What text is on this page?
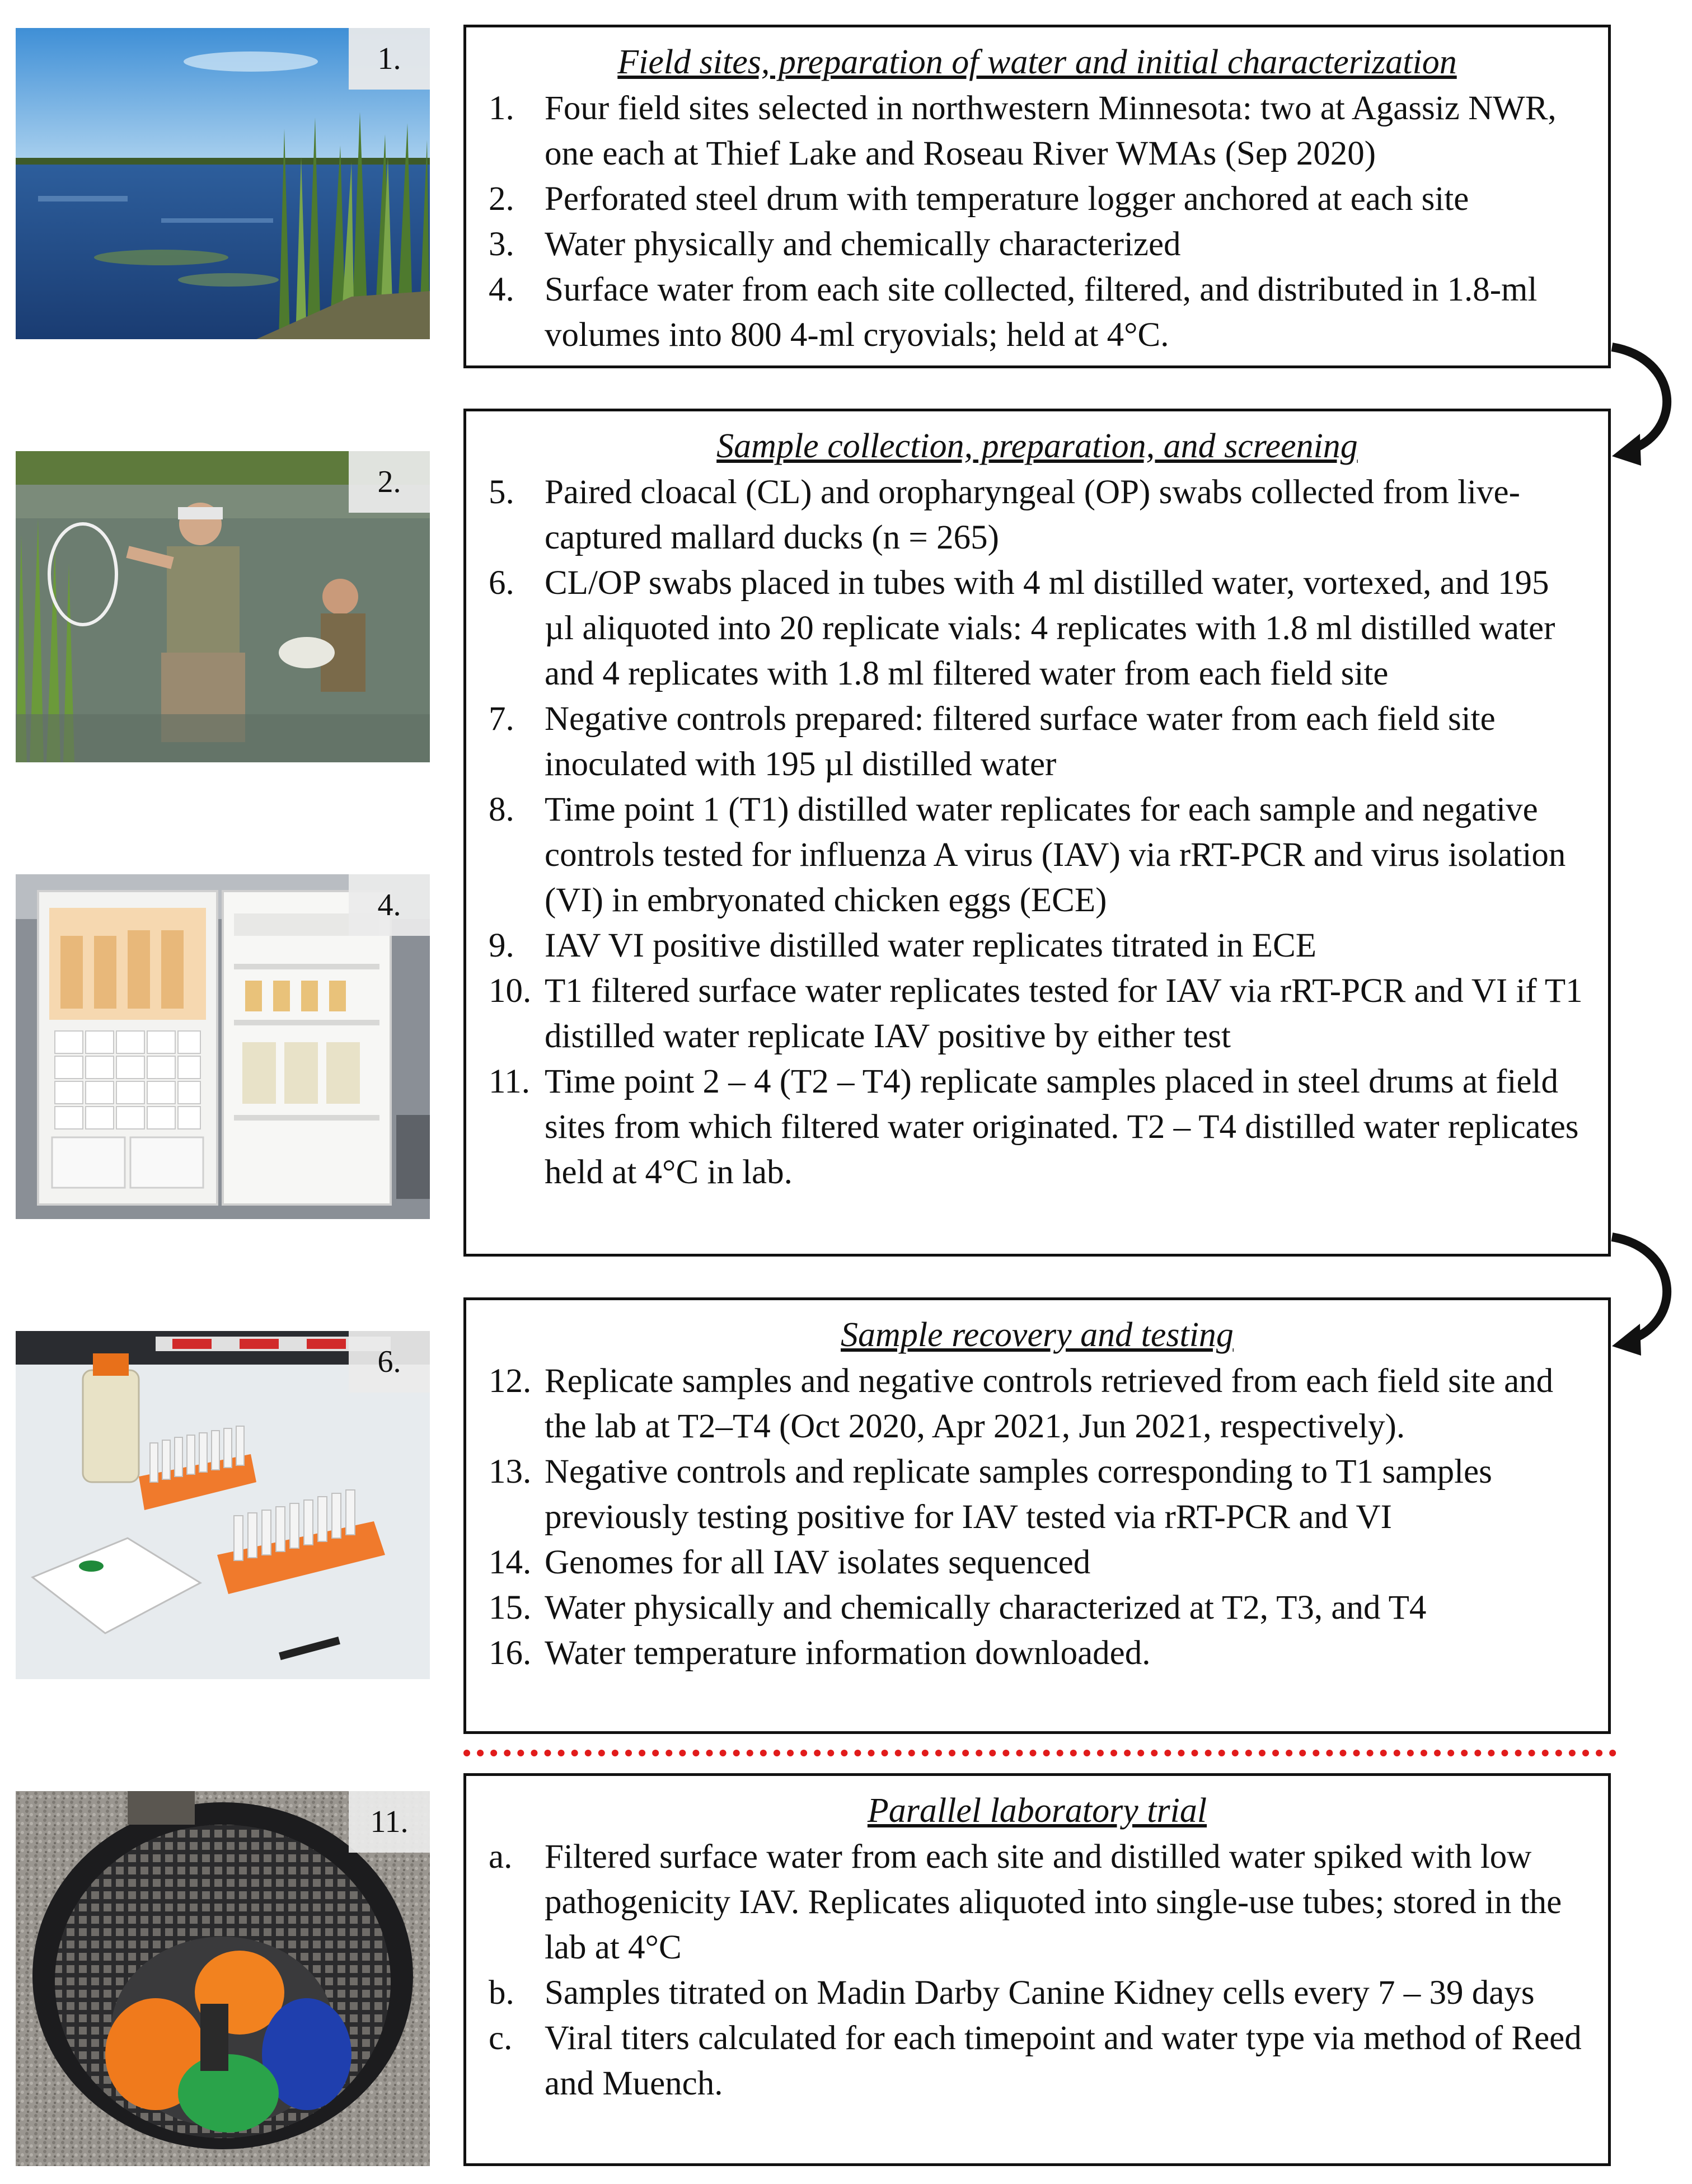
1.
2.
4.
6.
11.
Field sites, preparation of water and initial characterization
1. Four field sites selected in northwestern Minnesota: two at Agassiz NWR, one each at Thief Lake and Roseau River WMAs (Sep 2020)
2. Perforated steel drum with temperature logger anchored at each site
3. Water physically and chemically characterized
4. Surface water from each site collected, filtered, and distributed in 1.8-ml volumes into 800 4-ml cryovials; held at 4°C.
Sample collection, preparation, and screening
5. Paired cloacal (CL) and oropharyngeal (OP) swabs collected from live-captured mallard ducks (n = 265)
6. CL/OP swabs placed in tubes with 4 ml distilled water, vortexed, and 195 µl aliquoted into 20 replicate vials: 4 replicates with 1.8 ml distilled water and 4 replicates with 1.8 ml filtered water from each field site
7. Negative controls prepared: filtered surface water from each field site inoculated with 195 µl distilled water
8. Time point 1 (T1) distilled water replicates for each sample and negative controls tested for influenza A virus (IAV) via rRT-PCR and virus isolation (VI) in embryonated chicken eggs (ECE)
9. IAV VI positive distilled water replicates titrated in ECE
10. T1 filtered surface water replicates tested for IAV via rRT-PCR and VI if T1 distilled water replicate IAV positive by either test
11. Time point 2 – 4 (T2 – T4) replicate samples placed in steel drums at field sites from which filtered water originated. T2 – T4 distilled water replicates held at 4°C in lab.
Sample recovery and testing
12. Replicate samples and negative controls retrieved from each field site and the lab at T2–T4 (Oct 2020, Apr 2021, Jun 2021, respectively).
13. Negative controls and replicate samples corresponding to T1 samples previously testing positive for IAV tested via rRT-PCR and VI
14. Genomes for all IAV isolates sequenced
15. Water physically and chemically characterized at T2, T3, and T4
16. Water temperature information downloaded.
Parallel laboratory trial
a. Filtered surface water from each site and distilled water spiked with low pathogenicity IAV. Replicates aliquoted into single-use tubes; stored in the lab at 4°C
b. Samples titrated on Madin Darby Canine Kidney cells every 7 – 39 days
c. Viral titers calculated for each timepoint and water type via method of Reed and Muench.
